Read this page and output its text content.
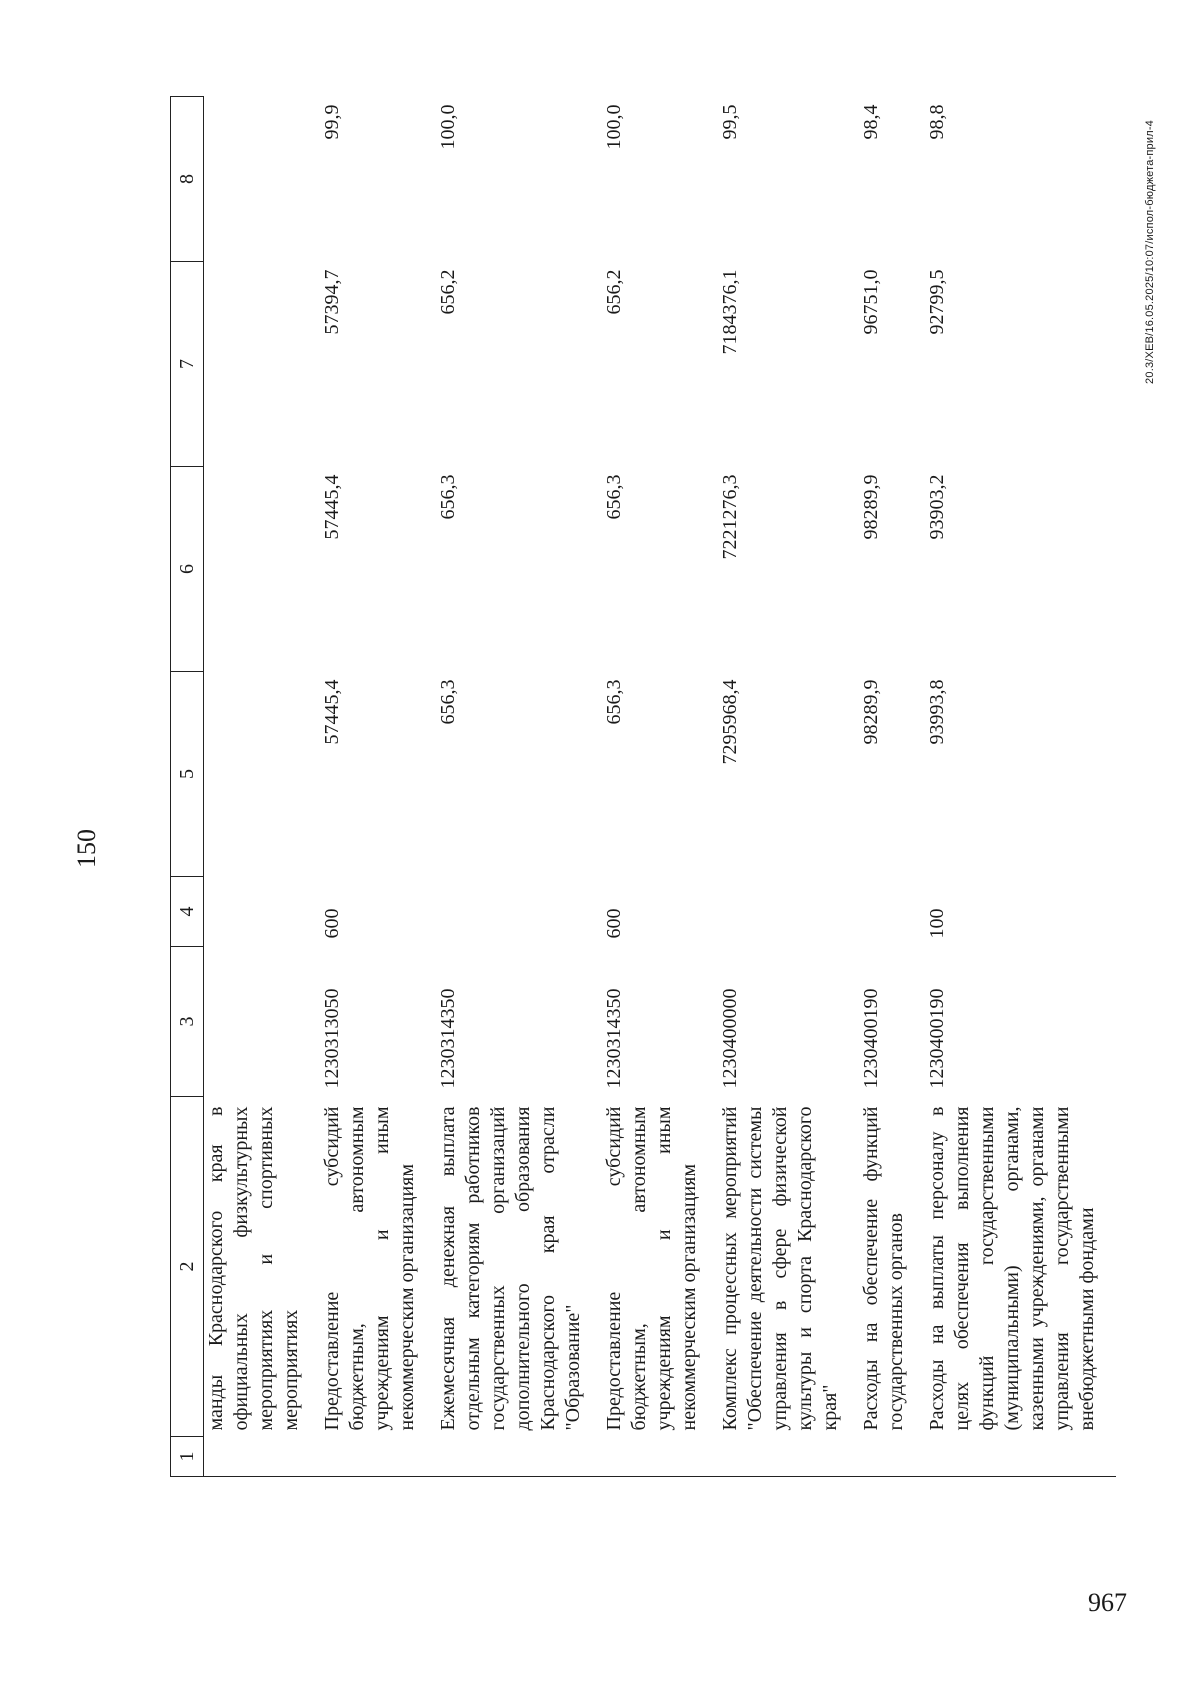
150
1	2	3	4	5	6	7	8
	манды Краснодарского края в официальных физкультурных мероприятиях и спортивных мероприятиях						
	Предоставление субсидий бюджетным, автономным учреждениям и иным некоммерческим организациям	1230313050	600	57445,4	57445,4	57394,7	99,9
	Ежемесячная денежная выплата отдельным категориям работников государственных организаций дополнительного образования Краснодарского края отрасли "Образование"	1230314350		656,3	656,3	656,2	100,0
	Предоставление субсидий бюджетным, автономным учреждениям и иным некоммерческим организациям	1230314350	600	656,3	656,3	656,2	100,0
	Комплекс процессных мероприятий "Обеспечение деятельности системы управления в сфере физической культуры и спорта Краснодарского края"	1230400000		7295968,4	7221276,3	7184376,1	99,5
	Расходы на обеспечение функций государственных органов	1230400190		98289,9	98289,9	96751,0	98,4
	Расходы на выплаты персоналу в целях обеспечения выполнения функций государственными (муниципальными) органами, казенными учреждениями, органами управления государственными внебюджетными фондами	1230400190	100	93993,8	93903,2	92799,5	98,8	20.3/XEB/16.05.2025/10:07/испол-бюджета-прил-4
967
